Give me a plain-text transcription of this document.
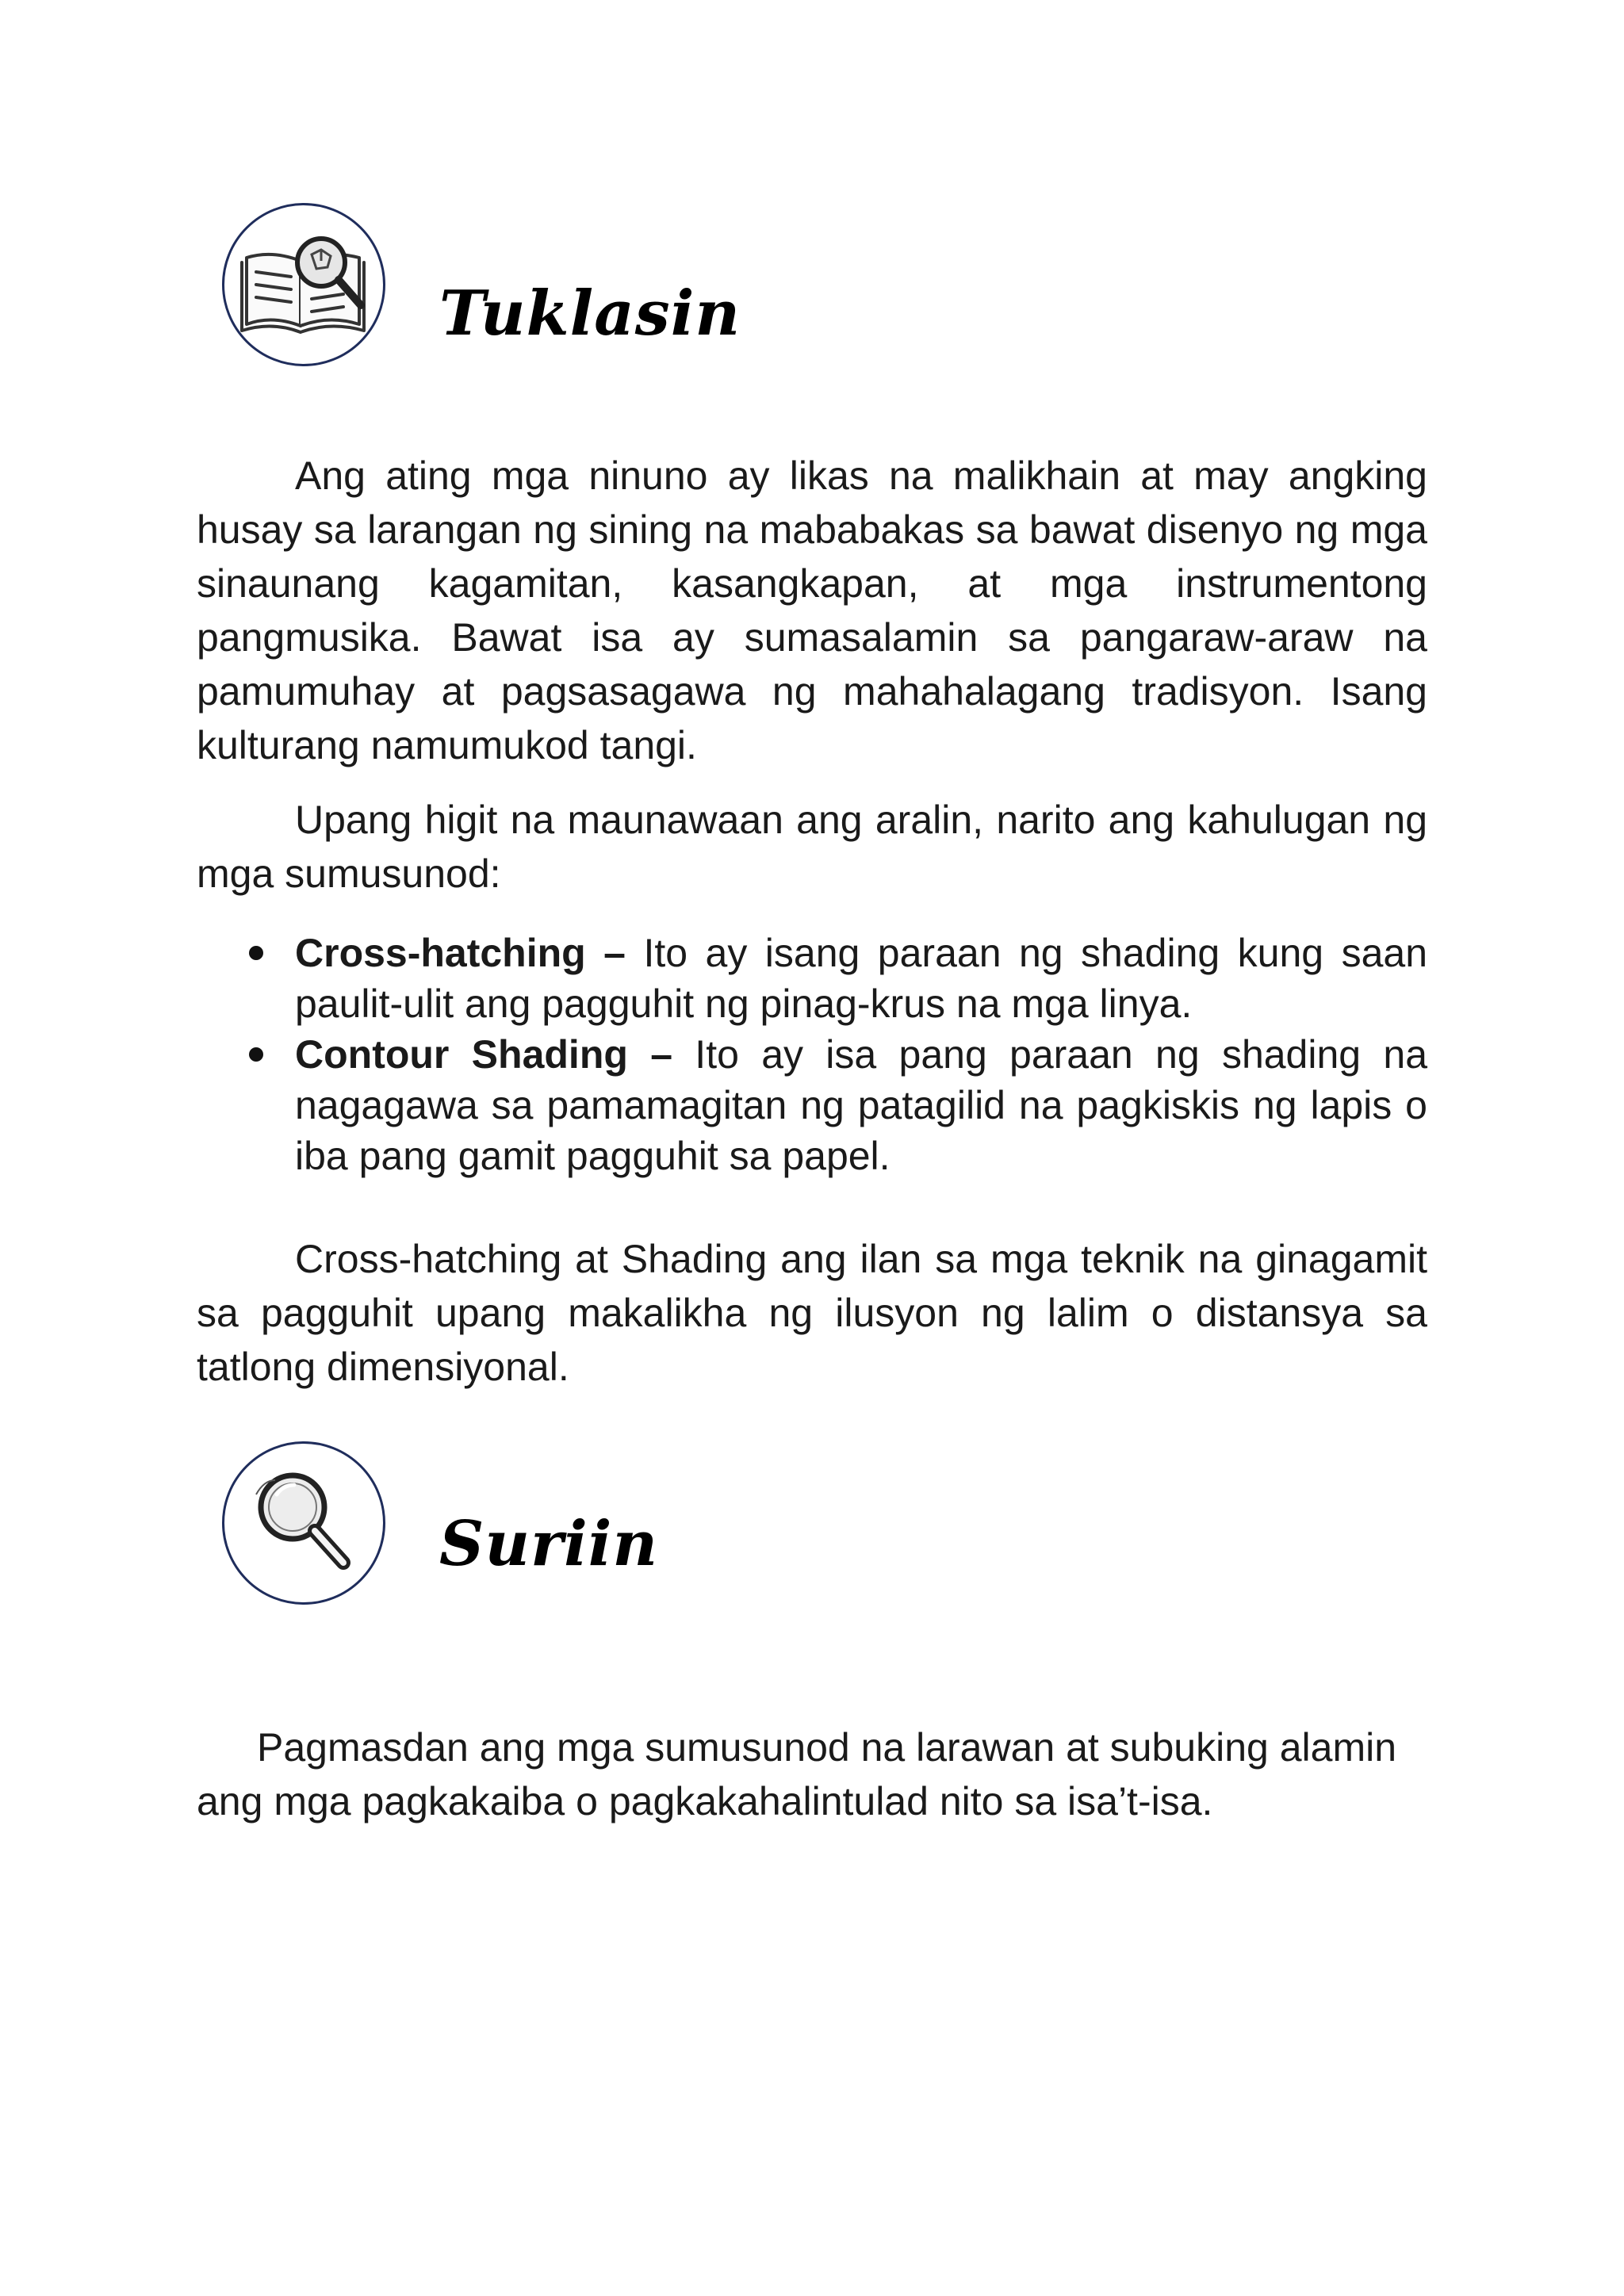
Tuklasin

Ang ating mga ninuno ay likas na malikhain at may angking husay sa larangan ng sining na mababakas sa bawat disenyo ng mga sinaunang kagamitan, kasangkapan, at mga instrumentong pangmusika. Bawat isa ay sumasalamin sa pangaraw-araw na pamumuhay at pagsasagawa ng mahahalagang tradisyon. Isang kulturang namumukod tangi.

Upang higit na maunawaan ang aralin, narito ang kahulugan ng mga sumusunod:

Cross-hatching – Ito ay isang paraan ng shading kung saan paulit-ulit ang pagguhit ng pinag-krus na mga linya.
Contour Shading – Ito ay isa pang paraan ng shading na nagagawa sa pamamagitan ng patagilid na pagkiskis ng lapis o iba pang gamit pagguhit sa papel.

Cross-hatching at Shading ang ilan sa mga teknik na ginagamit sa pagguhit upang makalikha ng ilusyon ng lalim o distansya sa tatlong dimensiyonal.

Suriin

Pagmasdan ang mga sumusunod na larawan at subuking alamin ang mga pagkakaiba o pagkakahalintulad nito sa isa’t-isa.
